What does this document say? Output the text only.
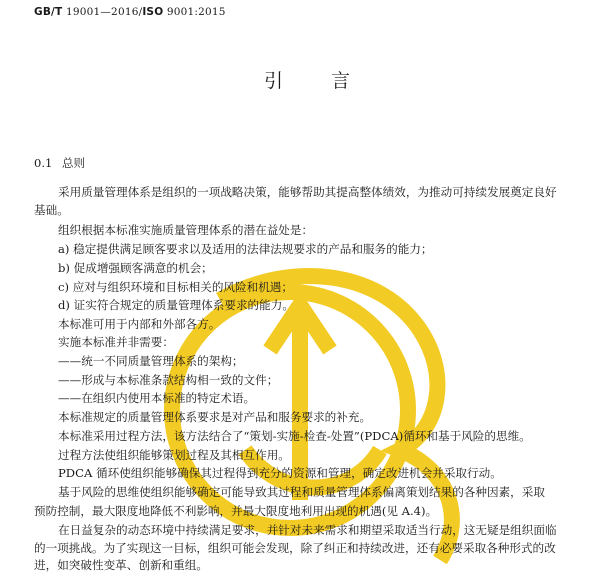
GB/T 19001—2016/ISO 9001:2015
引言
0.1 总则
采用质量管理体系是组织的一项战略决策，能够帮助其提高整体绩效，为推动可持续发展奠定良好
基础。
组织根据本标准实施质量管理体系的潜在益处是：
a) 稳定提供满足顾客要求以及适用的法律法规要求的产品和服务的能力；
b) 促成增强顾客满意的机会；
c) 应对与组织环境和目标相关的风险和机遇；
d) 证实符合规定的质量管理体系要求的能力。
本标准可用于内部和外部各方。
实施本标准并非需要：
——统一不同质量管理体系的架构；
——形成与本标准条款结构相一致的文件；
——在组织内使用本标准的特定术语。
本标准规定的质量管理体系要求是对产品和服务要求的补充。
本标准采用过程方法，该方法结合了“策划-实施-检查-处置”(PDCA)循环和基于风险的思维。
过程方法使组织能够策划过程及其相互作用。
PDCA 循环使组织能够确保其过程得到充分的资源和管理，确定改进机会并采取行动。
基于风险的思维使组织能够确定可能导致其过程和质量管理体系偏离策划结果的各种因素，采取
预防控制，最大限度地降低不利影响，并最大限度地利用出现的机遇(见 A.4)。
在日益复杂的动态环境中持续满足要求，并针对未来需求和期望采取适当行动，这无疑是组织面临
的一项挑战。为了实现这一目标，组织可能会发现，除了纠正和持续改进，还有必要采取各种形式的改
进，如突破性变革、创新和重组。
